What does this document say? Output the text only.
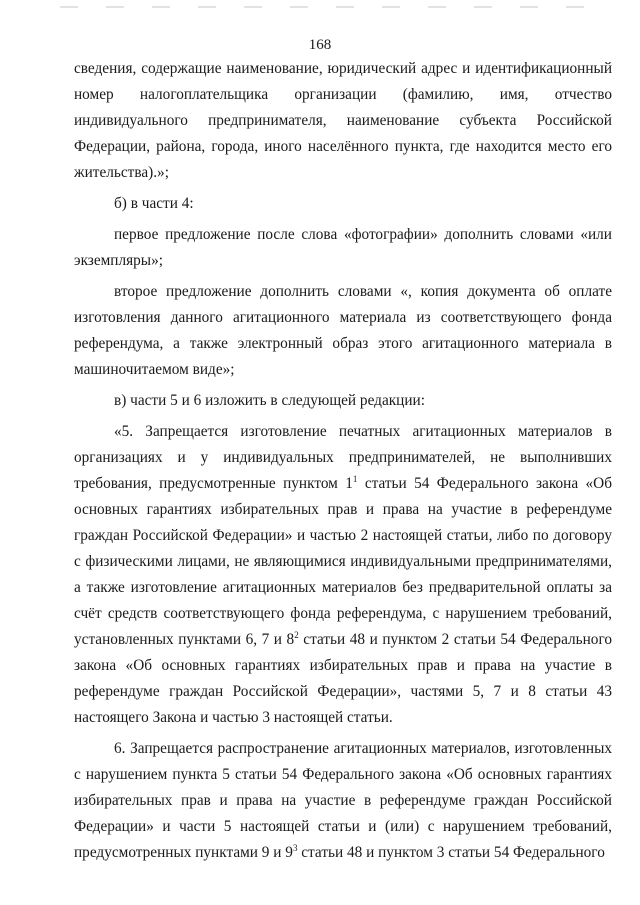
168

сведения, содержащие наименование, юридический адрес и идентификационный номер налогоплательщика организации (фамилию, имя, отчество индивидуального предпринимателя, наименование субъекта Российской Федерации, района, города, иного населённого пункта, где находится место его жительства).»;

б) в части 4:

первое предложение после слова «фотографии» дополнить словами «или экземпляры»;

второе предложение дополнить словами «, копия документа об оплате изготовления данного агитационного материала из соответствующего фонда референдума, а также электронный образ этого агитационного материала в машиночитаемом виде»;

в) части 5 и 6 изложить в следующей редакции:

«5. Запрещается изготовление печатных агитационных материалов в организациях и у индивидуальных предпринимателей, не выполнивших требования, предусмотренные пунктом $1^1$ статьи 54 Федерального закона «Об основных гарантиях избирательных прав и права на участие в референдуме граждан Российской Федерации» и частью 2 настоящей статьи, либо по договору с физическими лицами, не являющимися индивидуальными предпринимателями, а также изготовление агитационных материалов без предварительной оплаты за счёт средств соответствующего фонда референдума, с нарушением требований, установленных пунктами 6, 7 и $8^2$ статьи 48 и пунктом 2 статьи 54 Федерального закона «Об основных гарантиях избирательных прав и права на участие в референдуме граждан Российской Федерации», частями 5, 7 и 8 статьи 43 настоящего Закона и частью 3 настоящей статьи.

6. Запрещается распространение агитационных материалов, изготовленных с нарушением пункта 5 статьи 54 Федерального закона «Об основных гарантиях избирательных прав и права на участие в референдуме граждан Российской Федерации» и части 5 настоящей статьи и (или) с нарушением требований, предусмотренных пунктами 9 и $9^3$ статьи 48 и пунктом 3 статьи 54 Федерального
